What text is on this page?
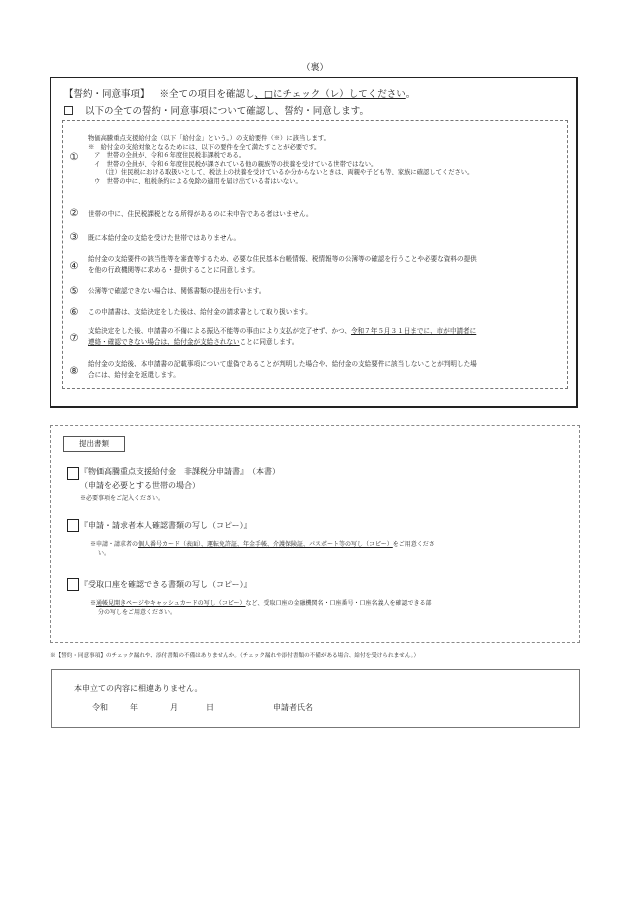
（裏）
【誓約・同意事項】 ※全ての項目を確認し、□にチェック（レ）してください。
以下の全ての誓約・同意事項について確認し、誓約・同意します。
①
物価高騰重点支援給付金（以下「給付金」という。）の支給要件（※）に該当します。
※　給付金の支給対象となるためには、以下の要件を全て満たすことが必要です。
ア　世帯の全員が、令和６年度住民税非課税である。
イ　世帯の全員が、令和６年度住民税が課されている他の親族等の扶養を受けている世帯ではない。
（注）住民税における取扱いとして、税法上の扶養を受けているか分からないときは、両親や子ども等、家族に確認してください。
ウ　世帯の中に、租税条約による免除の適用を届け出ている者はいない。
②	世帯の中に、住民税課税となる所得があるのに未申告である者はいません。
③	既に本給付金の支給を受けた世帯ではありません。
④
給付金の支給要件の該当性等を審査等するため、必要な住民基本台帳情報、税情報等の公簿等の確認を行うことや必要な資料の提供
を他の行政機関等に求める・提供することに同意します。
⑤	公簿等で確認できない場合は、関係書類の提出を行います。
⑥	この申請書は、支給決定をした後は、給付金の請求書として取り扱います。
⑦
支給決定をした後、申請書の不備による振込不能等の事由により支払が完了せず、かつ、令和７年５月３１日までに、市が申請者に
連絡・確認できない場合は、給付金が支給されないことに同意します。
⑧
給付金の支給後、本申請書の記載事項について虚偽であることが判明した場合や、給付金の支給要件に該当しないことが判明した場
合には、給付金を返還します。
提出書類
『物価高騰重点支援給付金　非課税分申請書』　（本書）
（申請を必要とする世帯の場合）
※必要事項をご記入ください。
『申請・請求者本人確認書類の写し（コピー）』
※申請・請求者の個人番号カード（表面）、運転免許証、年金手帳、介護保険証、パスポート等の写し（コピー）をご用意くださ
い。
『受取口座を確認できる書類の写し（コピー）』
※通帳見開きページやキャッシュカードの写し（コピー）など、受取口座の金融機関名・口座番号・口座名義人を確認できる部
分の写しをご用意ください。
※【誓約・同意事項】のチェック漏れや、添付書類の不備はありませんか。（チェック漏れや添付書類の不備がある場合、給付を受けられません。）
本申立ての内容に相違ありません。
令和	年	月	日	申請者氏名
